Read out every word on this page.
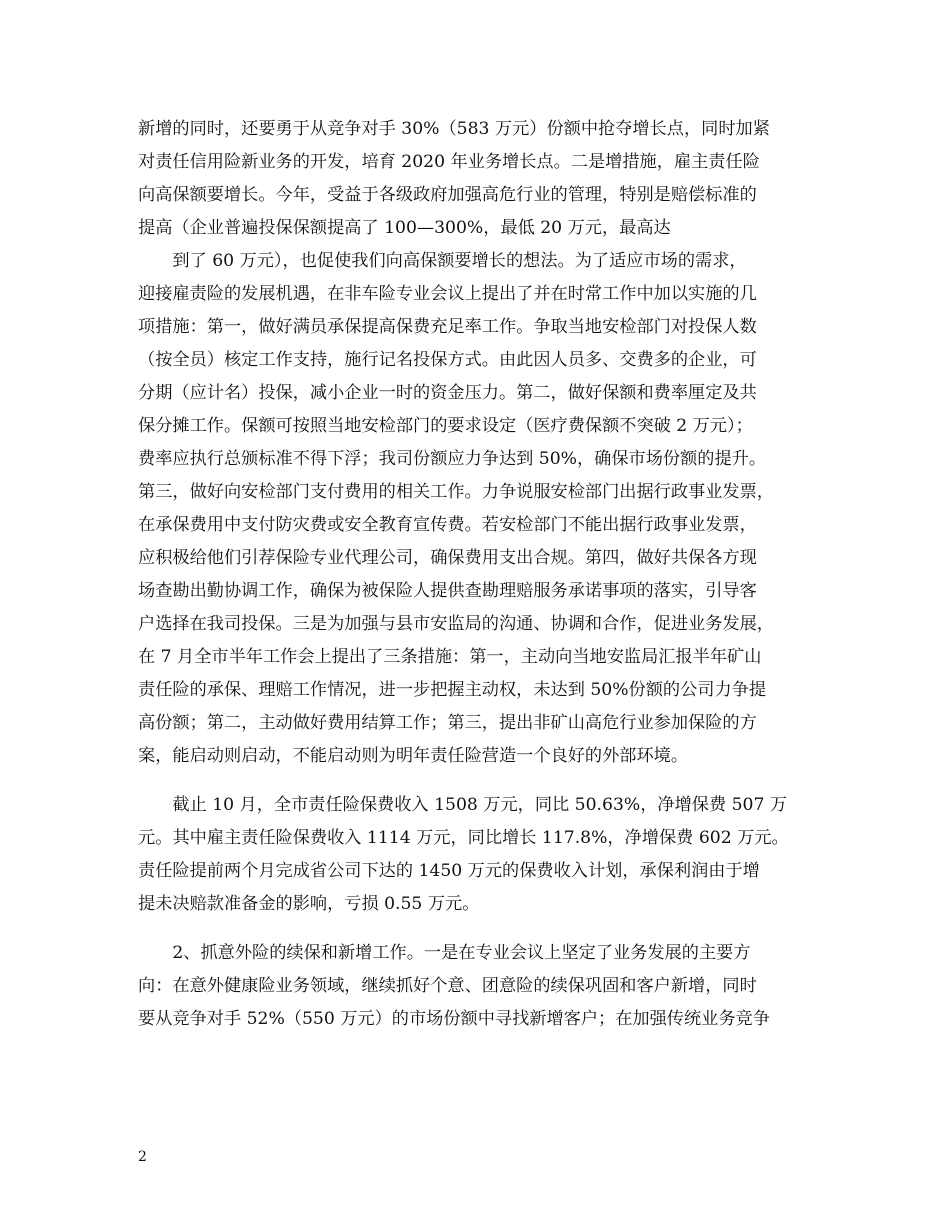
新增的同时，还要勇于从竞争对手 30%（583 万元）份额中抢夺增长点，同时加紧
对责任信用险新业务的开发，培育 2020 年业务增长点。二是增措施，雇主责任险
向高保额要增长。今年，受益于各级政府加强高危行业的管理，特别是赔偿标准的
提高（企业普遍投保保额提高了 100—300%，最低 20 万元，最高达
　　到了 60 万元），也促使我们向高保额要增长的想法。为了适应市场的需求，
迎接雇责险的发展机遇，在非车险专业会议上提出了并在时常工作中加以实施的几
项措施：第一，做好满员承保提高保费充足率工作。争取当地安检部门对投保人数
（按全员）核定工作支持，施行记名投保方式。由此因人员多、交费多的企业，可
分期（应计名）投保，减小企业一时的资金压力。第二，做好保额和费率厘定及共
保分摊工作。保额可按照当地安检部门的要求设定（医疗费保额不突破 2 万元）；
费率应执行总颁标准不得下浮；我司份额应力争达到 50%，确保市场份额的提升。
第三，做好向安检部门支付费用的相关工作。力争说服安检部门出据行政事业发票，
在承保费用中支付防灾费或安全教育宣传费。若安检部门不能出据行政事业发票，
应积极给他们引荐保险专业代理公司，确保费用支出合规。第四，做好共保各方现
场查勘出勤协调工作，确保为被保险人提供查勘理赔服务承诺事项的落实，引导客
户选择在我司投保。三是为加强与县市安监局的沟通、协调和合作，促进业务发展，
在 7 月全市半年工作会上提出了三条措施：第一，主动向当地安监局汇报半年矿山
责任险的承保、理赔工作情况，进一步把握主动权，未达到 50%份额的公司力争提
高份额；第二，主动做好费用结算工作；第三，提出非矿山高危行业参加保险的方
案，能启动则启动，不能启动则为明年责任险营造一个良好的外部环境。
　　截止 10 月，全市责任险保费收入 1508 万元，同比 50.63%，净增保费 507 万
元。其中雇主责任险保费收入 1114 万元，同比增长 117.8%，净增保费 602 万元。
责任险提前两个月完成省公司下达的 1450 万元的保费收入计划，承保利润由于增
提未决赔款准备金的影响，亏损 0.55 万元。
　　2、抓意外险的续保和新增工作。一是在专业会议上坚定了业务发展的主要方
向：在意外健康险业务领域，继续抓好个意、团意险的续保巩固和客户新增，同时
要从竞争对手 52%（550 万元）的市场份额中寻找新增客户；在加强传统业务竞争
2
